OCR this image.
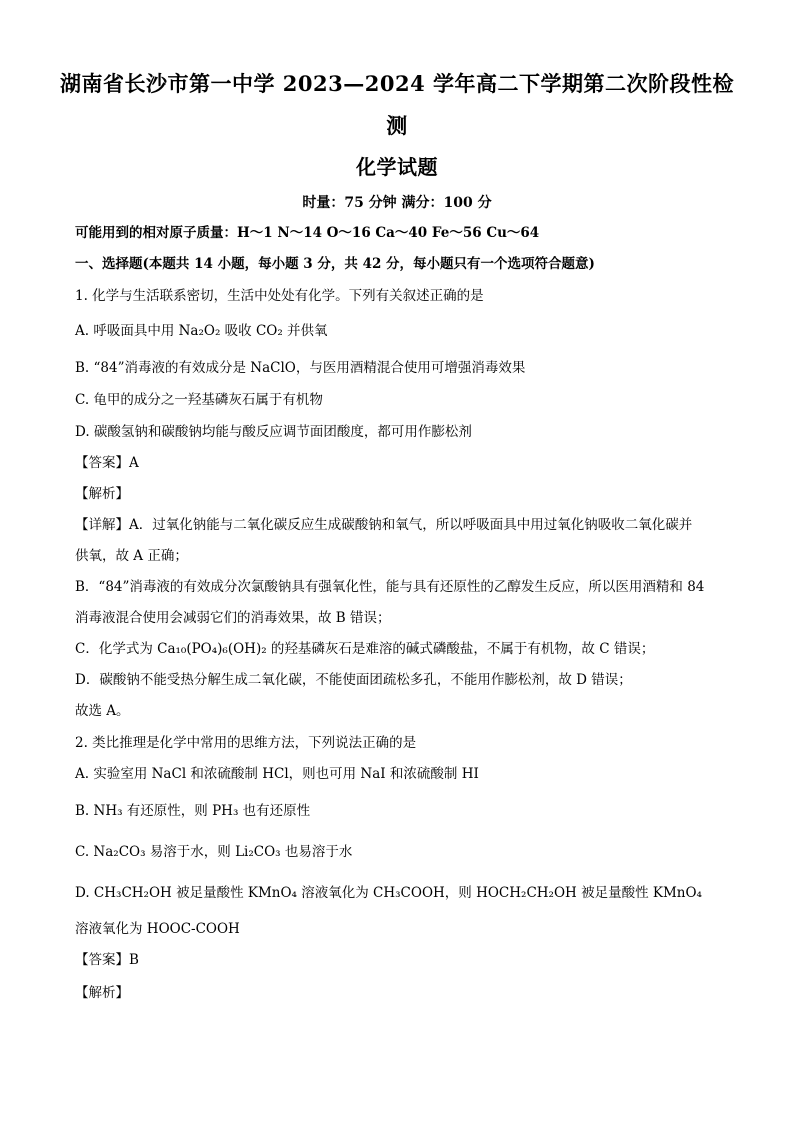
湖南省长沙市第一中学 2023—2024 学年高二下学期第二次阶段性检
测
化学试题
时量：75 分钟 满分：100 分
可能用到的相对原子质量：H～1 N～14 O～16 Ca～40 Fe～56 Cu～64
一、选择题(本题共 14 小题，每小题 3 分，共 42 分，每小题只有一个选项符合题意)
1. 化学与生活联系密切，生活中处处有化学。下列有关叙述正确的是
A. 呼吸面具中用 Na₂O₂ 吸收 CO₂ 并供氧
B. “84”消毒液的有效成分是 NaClO，与医用酒精混合使用可增强消毒效果
C. 龟甲的成分之一羟基磷灰石属于有机物
D. 碳酸氢钠和碳酸钠均能与酸反应调节面团酸度，都可用作膨松剂
【答案】A
【解析】
【详解】A．过氧化钠能与二氧化碳反应生成碳酸钠和氧气，所以呼吸面具中用过氧化钠吸收二氧化碳并
供氧，故 A 正确；
B．“84”消毒液的有效成分次氯酸钠具有强氧化性，能与具有还原性的乙醇发生反应，所以医用酒精和 84
消毒液混合使用会减弱它们的消毒效果，故 B 错误；
C．化学式为 Ca₁₀(PO₄)₆(OH)₂ 的羟基磷灰石是难溶的碱式磷酸盐，不属于有机物，故 C 错误；
D．碳酸钠不能受热分解生成二氧化碳，不能使面团疏松多孔，不能用作膨松剂，故 D 错误；
故选 A。
2. 类比推理是化学中常用的思维方法，下列说法正确的是
A. 实验室用 NaCl 和浓硫酸制 HCl，则也可用 NaI 和浓硫酸制 HI
B. NH₃ 有还原性，则 PH₃ 也有还原性
C. Na₂CO₃ 易溶于水，则 Li₂CO₃ 也易溶于水
D. CH₃CH₂OH 被足量酸性 KMnO₄ 溶液氧化为 CH₃COOH，则 HOCH₂CH₂OH 被足量酸性 KMnO₄
溶液氧化为 HOOC-COOH
【答案】B
【解析】
